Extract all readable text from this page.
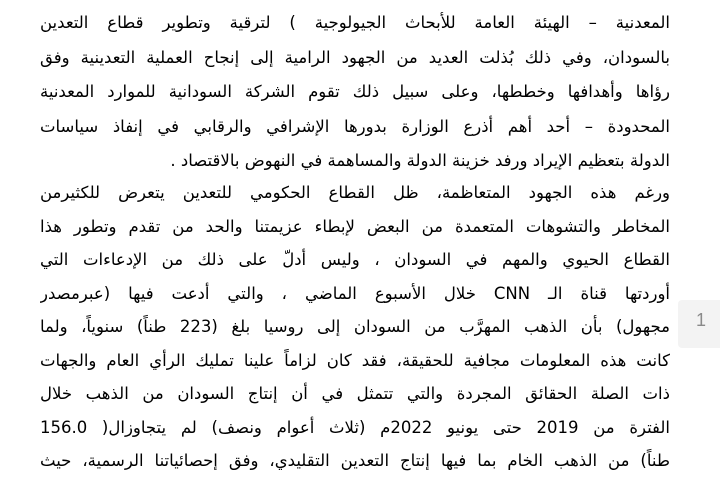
المعدنية – الهيئة العامة للأبحاث الجيولوجية ) لترقية وتطوير قطاع التعدين
بالسودان، وفي ذلك بُذلت العديد من الجهود الرامية إلى إنجاح العملية التعدينية وفق
رؤاها وأهدافها وخططها، وعلى سبيل ذلك تقوم الشركة السودانية للموارد المعدنية
المحدودة – أحد أهم أذرع الوزارة بدورها الإشرافي والرقابي في إنفاذ سياسات
الدولة بتعظيم الإيراد ورفد خزينة الدولة والمساهمة في النهوض بالاقتصاد .
ورغم هذه الجهود المتعاظمة، ظل القطاع الحكومي للتعدين يتعرض للكثيرمن
المخاطر والتشوهات المتعمدة من البعض لإبطاء عزيمتنا والحد من تقدم وتطور هذا
القطاع الحيوي والمهم في السودان ، وليس أدلّ على ذلك من الإدعاءات التي
أوردتها قناة الـ CNN خلال الأسبوع الماضي ، والتي أدعت فيها (عبرمصدر
مجهول) بأن الذهب المهرَّب من السودان إلى روسيا بلغ (223 طناً) سنوياً، ولما
كانت هذه المعلومات مجافية للحقيقة، فقد كان لزاماً علينا تمليك الرأي العام والجهات
ذات الصلة الحقائق المجردة والتي تتمثل في أن إنتاج السودان من الذهب خلال
الفترة من 2019 حتى يونيو 2022م (ثلاث أعوام ونصف) لم يتجاوزال( 156.0
طناً) من الذهب الخام بما فيها إنتاج التعدين التقليدي، وفق إحصائياتنا الرسمية، حيث
1
